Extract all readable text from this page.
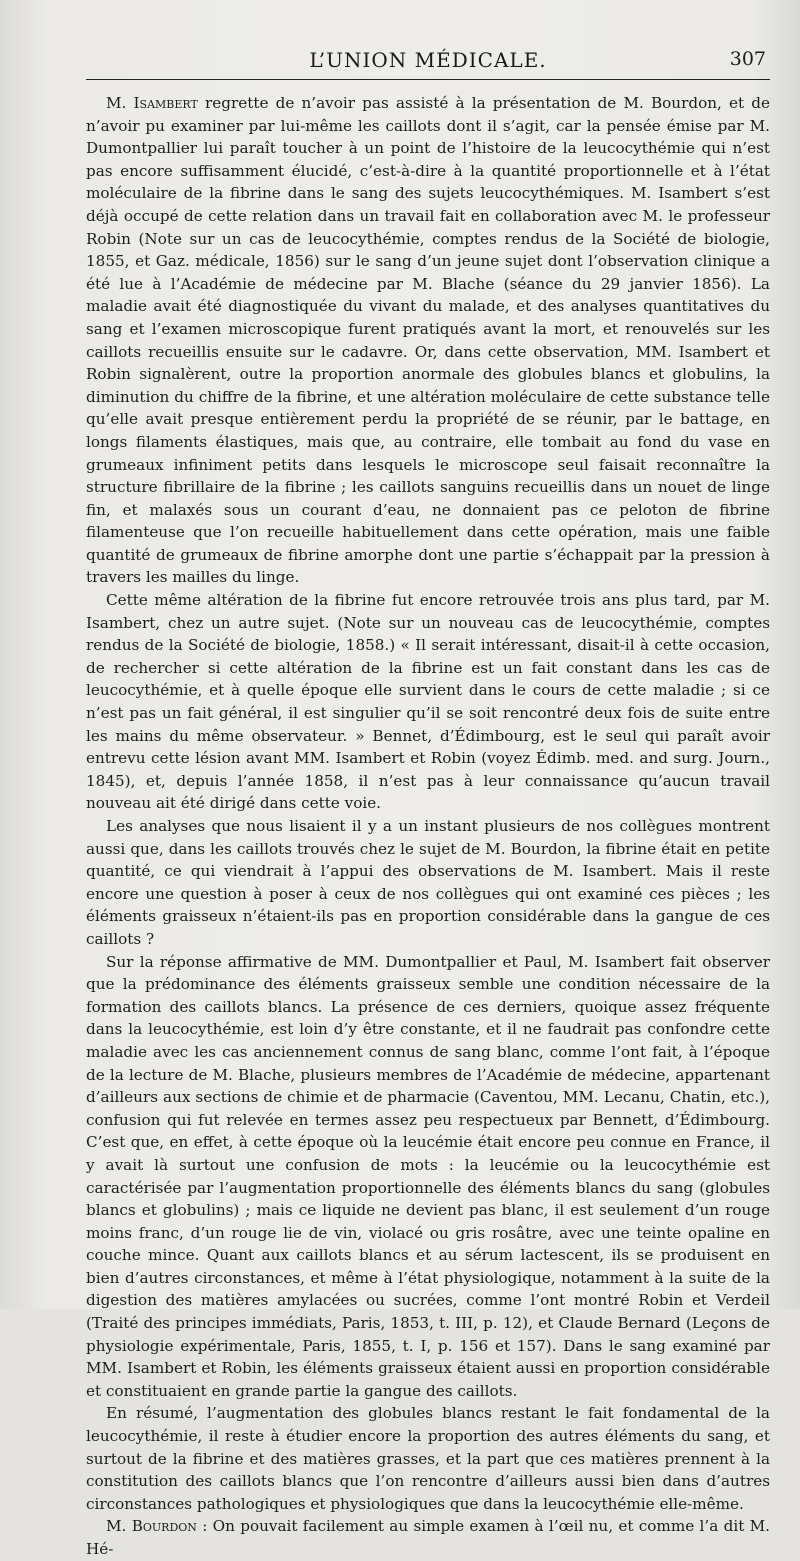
L’UNION MÉDICALE.	307

M. Isambert regrette de n’avoir pas assisté à la présentation de M. Bourdon, et de n’avoir pu examiner par lui-même les caillots dont il s’agit, car la pensée émise par M. Dumontpallier lui paraît toucher à un point de l’histoire de la leucocythémie qui n’est pas encore suffisamment élucidé, c’est-à-dire à la quantité proportionnelle et à l’état moléculaire de la fibrine dans le sang des sujets leucocythémiques. M. Isambert s’est déjà occupé de cette relation dans un travail fait en collaboration avec M. le professeur Robin (Note sur un cas de leucocythémie, comptes rendus de la Société de biologie, 1855, et Gaz. médicale, 1856) sur le sang d’un jeune sujet dont l’observation clinique a été lue à l’Académie de médecine par M. Blache (séance du 29 janvier 1856). La maladie avait été diagnostiquée du vivant du malade, et des analyses quantitatives du sang et l’examen microscopique furent pratiqués avant la mort, et renouvelés sur les caillots recueillis ensuite sur le cadavre. Or, dans cette observation, MM. Isambert et Robin signalèrent, outre la proportion anormale des globules blancs et globulins, la diminution du chiffre de la fibrine, et une altération moléculaire de cette substance telle qu’elle avait presque entièrement perdu la propriété de se réunir, par le battage, en longs filaments élastiques, mais que, au contraire, elle tombait au fond du vase en grumeaux infiniment petits dans lesquels le microscope seul faisait reconnaître la structure fibrillaire de la fibrine ; les caillots sanguins recueillis dans un nouet de linge fin, et malaxés sous un courant d’eau, ne donnaient pas ce peloton de fibrine filamenteuse que l’on recueille habituellement dans cette opération, mais une faible quantité de grumeaux de fibrine amorphe dont une partie s’échappait par la pression à travers les mailles du linge.

Cette même altération de la fibrine fut encore retrouvée trois ans plus tard, par M. Isambert, chez un autre sujet. (Note sur un nouveau cas de leucocythémie, comptes rendus de la Société de biologie, 1858.) « Il serait intéressant, disait-il à cette occasion, de rechercher si cette altération de la fibrine est un fait constant dans les cas de leucocythémie, et à quelle époque elle survient dans le cours de cette maladie ; si ce n’est pas un fait général, il est singulier qu’il se soit rencontré deux fois de suite entre les mains du même observateur. » Bennet, d’Édimbourg, est le seul qui paraît avoir entrevu cette lésion avant MM. Isambert et Robin (voyez Édimb. med. and surg. Journ., 1845), et, depuis l’année 1858, il n’est pas à leur connaissance qu’aucun travail nouveau ait été dirigé dans cette voie.

Les analyses que nous lisaient il y a un instant plusieurs de nos collègues montrent aussi que, dans les caillots trouvés chez le sujet de M. Bourdon, la fibrine était en petite quantité, ce qui viendrait à l’appui des observations de M. Isambert. Mais il reste encore une question à poser à ceux de nos collègues qui ont examiné ces pièces ; les éléments graisseux n’étaient-ils pas en proportion considérable dans la gangue de ces caillots ?

Sur la réponse affirmative de MM. Dumontpallier et Paul, M. Isambert fait observer que la prédominance des éléments graisseux semble une condition nécessaire de la formation des caillots blancs. La présence de ces derniers, quoique assez fréquente dans la leucocythémie, est loin d’y être constante, et il ne faudrait pas confondre cette maladie avec les cas anciennement connus de sang blanc, comme l’ont fait, à l’époque de la lecture de M. Blache, plusieurs membres de l’Académie de médecine, appartenant d’ailleurs aux sections de chimie et de pharmacie (Caventou, MM. Lecanu, Chatin, etc.), confusion qui fut relevée en termes assez peu respectueux par Bennett, d’Édimbourg. C’est que, en effet, à cette époque où la leucémie était encore peu connue en France, il y avait là surtout une confusion de mots : la leucémie ou la leucocythémie est caractérisée par l’augmentation proportionnelle des éléments blancs du sang (globules blancs et globulins) ; mais ce liquide ne devient pas blanc, il est seulement d’un rouge moins franc, d’un rouge lie de vin, violacé ou gris rosâtre, avec une teinte opaline en couche mince. Quant aux caillots blancs et au sérum lactescent, ils se produisent en bien d’autres circonstances, et même à l’état physiologique, notamment à la suite de la digestion des matières amylacées ou sucrées, comme l’ont montré Robin et Verdeil (Traité des principes immédiats, Paris, 1853, t. III, p. 12), et Claude Bernard (Leçons de physiologie expérimentale, Paris, 1855, t. I, p. 156 et 157). Dans le sang examiné par MM. Isambert et Robin, les éléments graisseux étaient aussi en proportion considérable et constituaient en grande partie la gangue des caillots.

En résumé, l’augmentation des globules blancs restant le fait fondamental de la leucocythémie, il reste à étudier encore la proportion des autres éléments du sang, et surtout de la fibrine et des matières grasses, et la part que ces matières prennent à la constitution des caillots blancs que l’on rencontre d’ailleurs aussi bien dans d’autres circonstances pathologiques et physiologiques que dans la leucocythémie elle-même.

M. Bourdon : On pouvait facilement au simple examen à l’œil nu, et comme l’a dit M. Hé-
